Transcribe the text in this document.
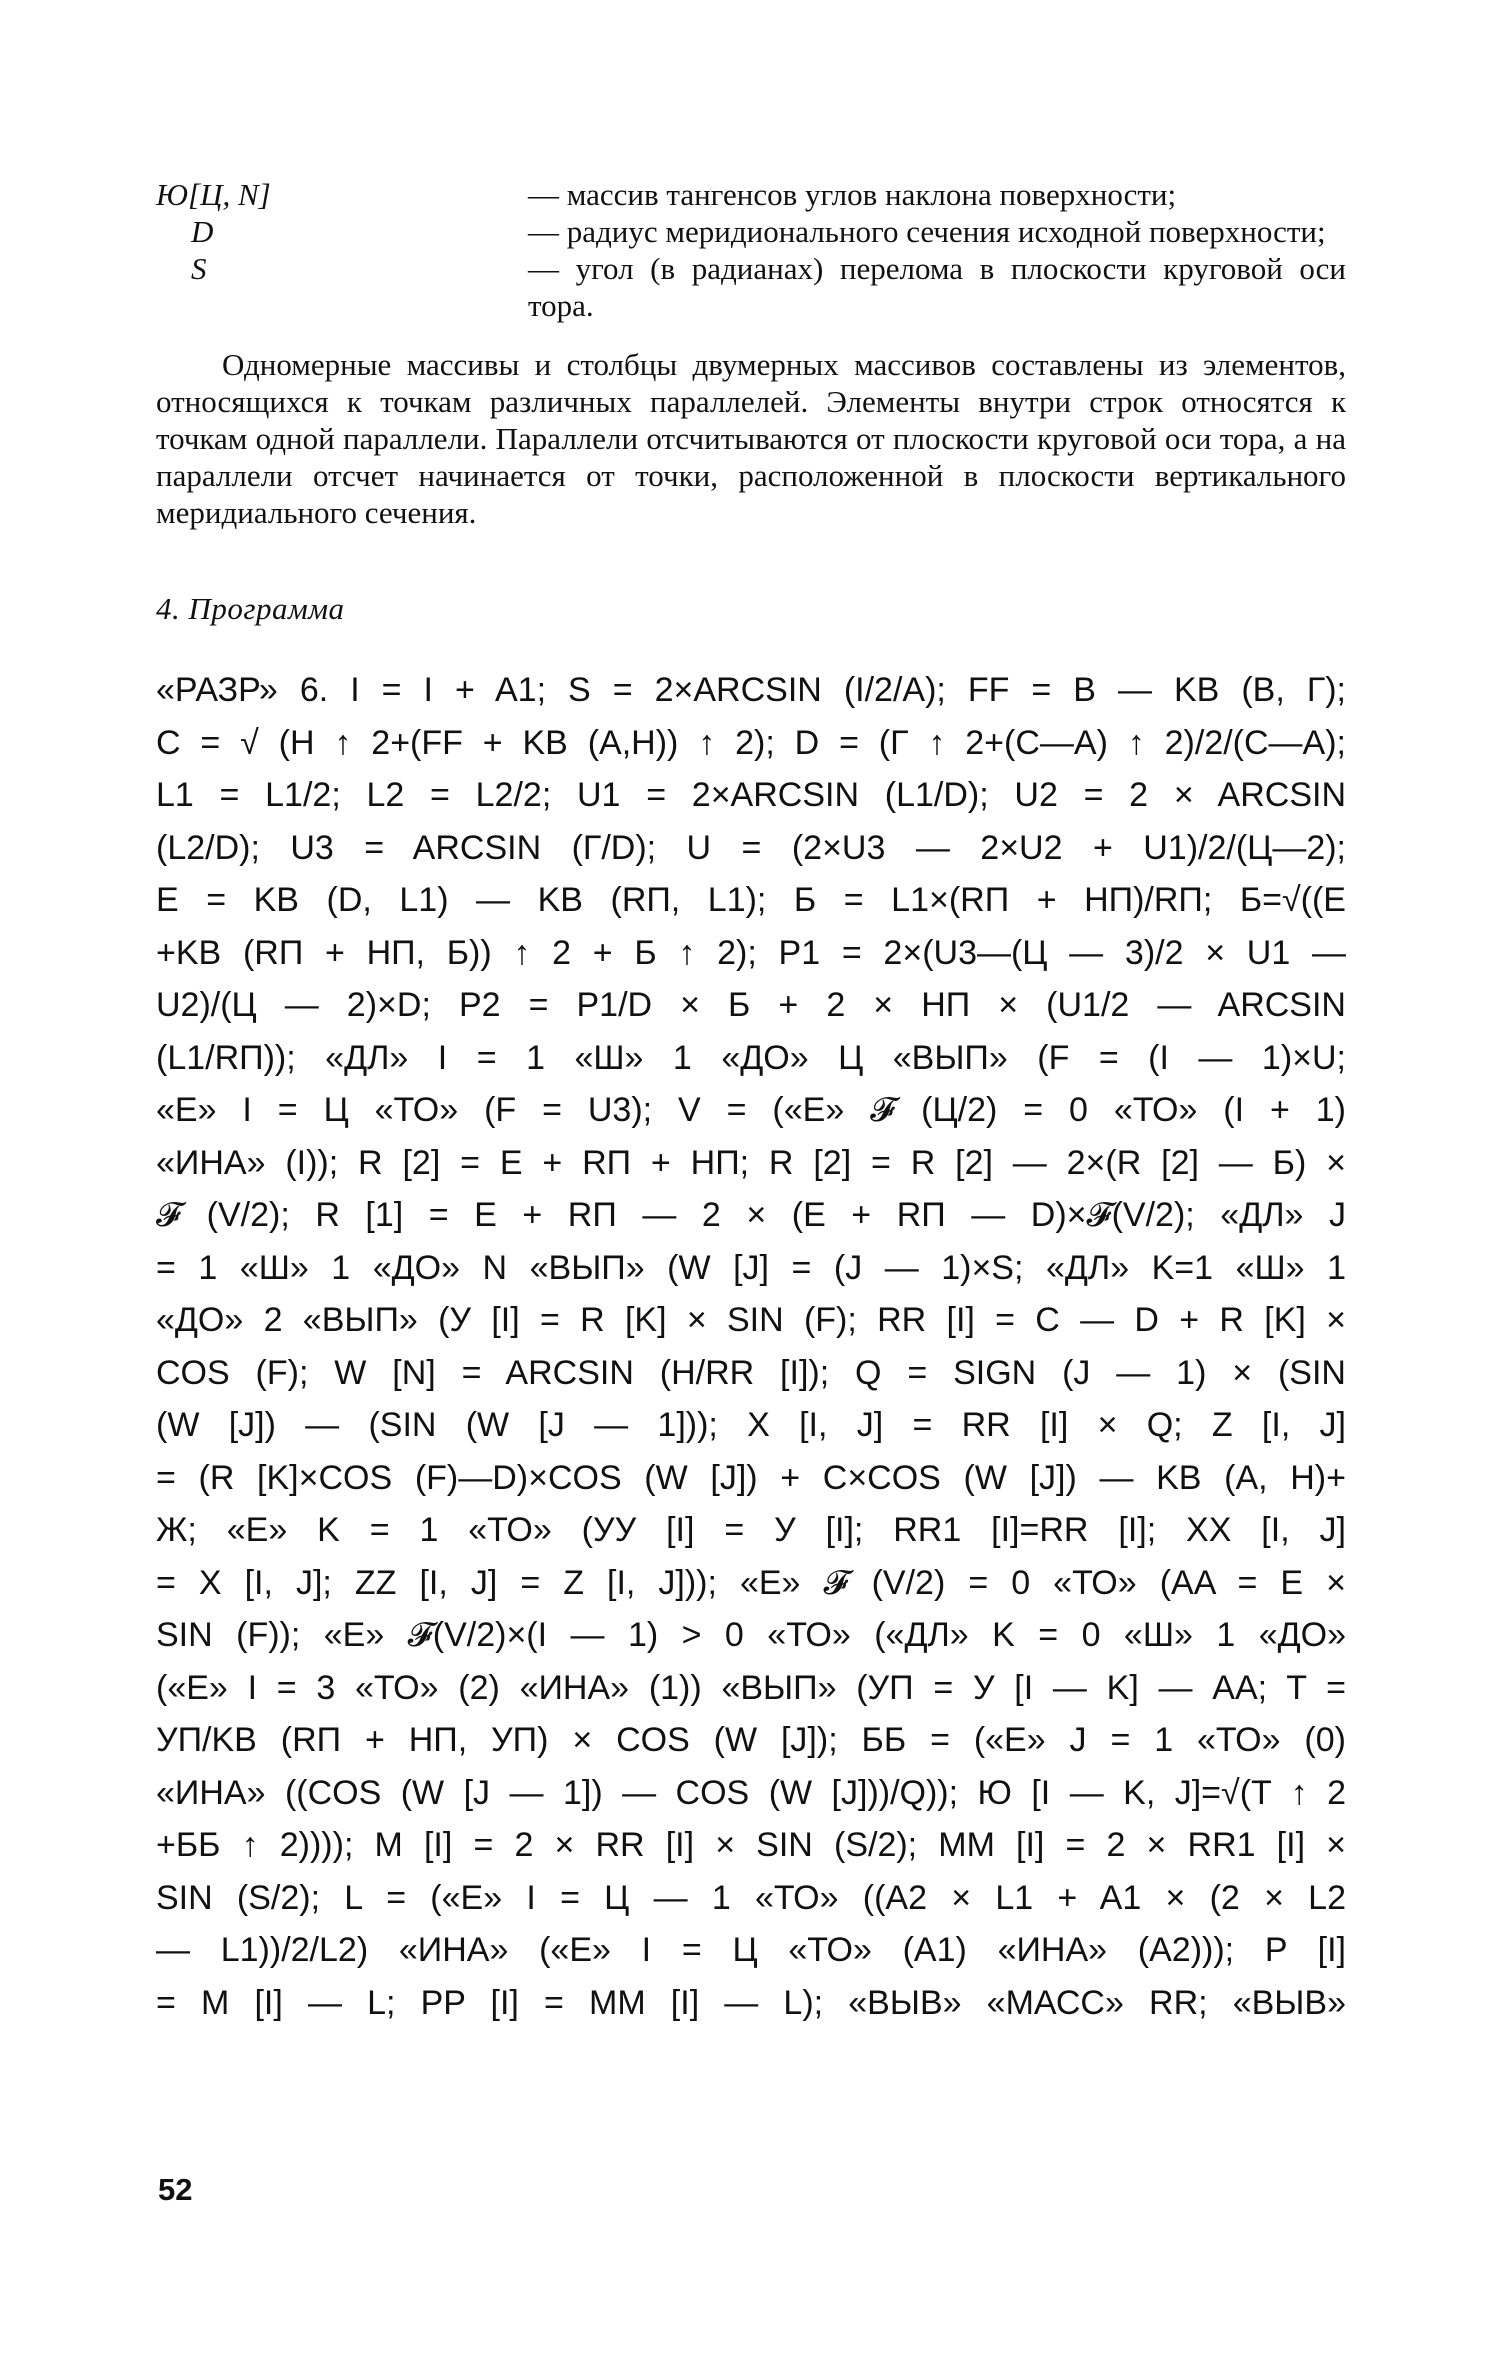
Ю[Ц, N]	— массив тангенсов углов наклона поверхности;
D	— радиус меридионального сечения исходной поверхности;
S	— угол (в радианах) перелома в плоскости круговой оси тора.

Одномерные массивы и столбцы двумерных массивов составлены из элементов, относящихся к точкам различных параллелей. Элементы внутри строк относятся к точкам одной параллели. Параллели отсчитываются от плоскости круговой оси тора, а на параллели отсчет начинается от точки, расположенной в плоскости вертикального меридиального сечения.

4. Программа
«РАЗР» 6. I = I + A1; S = 2×ARCSIN (I/2/A); FF = B — KB (B, Г);
C = √ (H ↑ 2+(FF + KB (A,H)) ↑ 2); D = (Г ↑ 2+(C—A) ↑ 2)/2/(C—A);
L1 = L1/2; L2 = L2/2; U1 = 2×ARCSIN (L1/D); U2 = 2 × ARCSIN
(L2/D); U3 = ARCSIN (Г/D); U = (2×U3 — 2×U2 + U1)/2/(Ц—2);
E = KB (D, L1) — KB (RП, L1); Б = L1×(RП + HП)/RП; Б=√((E
+KB (RП + HП, Б)) ↑ 2 + Б ↑ 2); P1 = 2×(U3—(Ц — 3)/2 × U1 —
U2)/(Ц — 2)×D; P2 = P1/D × Б + 2 × HП × (U1/2 — ARCSIN
(L1/RП)); «ДЛ» I = 1 «Ш» 1 «ДО» Ц «ВЫП» (F = (I — 1)×U;
«Е» I = Ц «ТО» (F = U3); V = («Е» 𝓕 (Ц/2) = 0 «ТО» (I + 1)
«ИНА» (I)); R [2] = E + RП + HП; R [2] = R [2] — 2×(R [2] — Б) ×
𝓕 (V/2); R [1] = E + RП — 2 × (E + RП — D)×𝓕(V/2); «ДЛ» J
= 1 «Ш» 1 «ДО» N «ВЫП» (W [J] = (J — 1)×S; «ДЛ» K=1 «Ш» 1
«ДО» 2 «ВЫП» (У [I] = R [K] × SIN (F); RR [I] = C — D + R [K] ×
COS (F); W [N] = ARCSIN (H/RR [I]); Q = SIGN (J — 1) × (SIN
(W [J]) — (SIN (W [J — 1])); X [I, J] = RR [I] × Q; Z [I, J]
= (R [K]×COS (F)—D)×COS (W [J]) + C×COS (W [J]) — KB (A, H)+
Ж; «Е» K = 1 «ТО» (УУ [I] = У [I]; RR1 [I]=RR [I]; XX [I, J]
= X [I, J]; ZZ [I, J] = Z [I, J])); «Е» 𝓕 (V/2) = 0 «ТО» (AA = E ×
SIN (F)); «Е» 𝓕(V/2)×(I — 1) > 0 «ТО» («ДЛ» K = 0 «Ш» 1 «ДО»
(«Е» I = 3 «ТО» (2) «ИНА» (1)) «ВЫП» (УП = У [I — K] — AA; T =
УП/KB (RП + HП, УП) × COS (W [J]); ББ = («Е» J = 1 «ТО» (0)
«ИНА» ((COS (W [J — 1]) — COS (W [J]))/Q)); Ю [I — K, J]=√(T ↑ 2
+ББ ↑ 2)))); M [I] = 2 × RR [I] × SIN (S/2); MM [I] = 2 × RR1 [I] ×
SIN (S/2); L = («Е» I = Ц — 1 «ТО» ((A2 × L1 + A1 × (2 × L2
— L1))/2/L2) «ИНА» («Е» I = Ц «ТО» (A1) «ИНА» (A2))); P [I]
= M [I] — L; PP [I] = MM [I] — L); «ВЫВ» «МАСС» RR; «ВЫВ»
52
